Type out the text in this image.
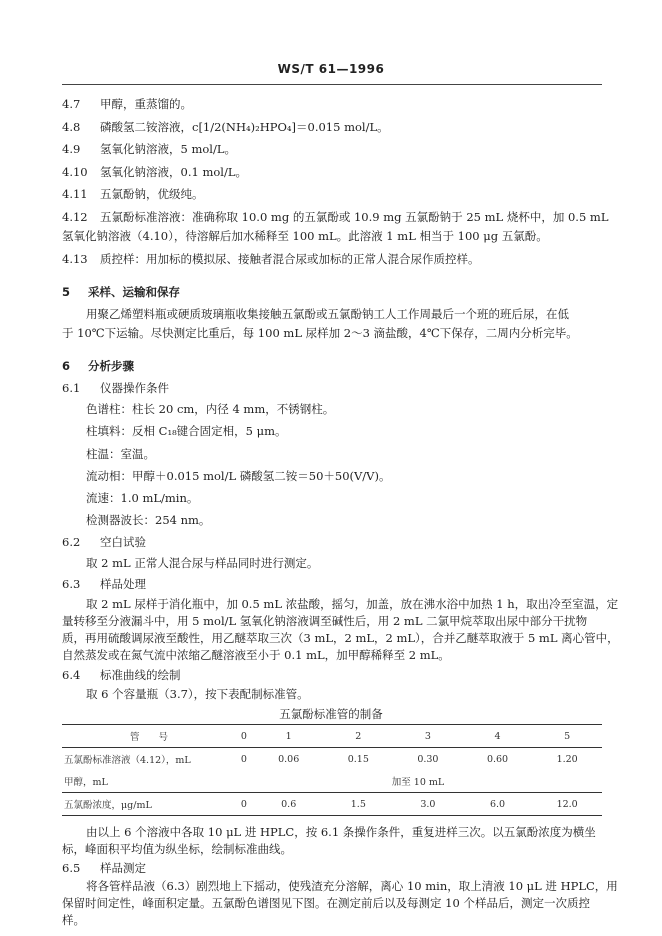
WS/T 61—1996
4.7 甲醇，重蒸馏的。
4.8 磷酸氢二铵溶液，c[1/2(NH₄)₂HPO₄]＝0.015 mol/L。
4.9 氢氧化钠溶液，5 mol/L。
4.10 氢氧化钠溶液，0.1 mol/L。
4.11 五氯酚钠，优级纯。
4.12 五氯酚标准溶液：准确称取 10.0 mg 的五氯酚或 10.9 mg 五氯酚钠于 25 mL 烧杯中，加 0.5 mL
氢氧化钠溶液（4.10），待溶解后加水稀释至 100 mL。此溶液 1 mL 相当于 100 μg 五氯酚。
4.13 质控样：用加标的模拟尿、接触者混合尿或加标的正常人混合尿作质控样。
5 采样、运输和保存
用聚乙烯塑料瓶或硬质玻璃瓶收集接触五氯酚或五氯酚钠工人工作周最后一个班的班后尿，在低
于 10℃下运输。尽快测定比重后，每 100 mL 尿样加 2～3 滴盐酸，4℃下保存，二周内分析完毕。
6 分析步骤
6.1 仪器操作条件
色谱柱：柱长 20 cm，内径 4 mm，不锈钢柱。
柱填料：反相 C₁₈键合固定相，5 μm。
柱温：室温。
流动相：甲醇＋0.015 mol/L 磷酸氢二铵＝50＋50(V/V)。
流速：1.0 mL/min。
检测器波长：254 nm。
6.2 空白试验
取 2 mL 正常人混合尿与样品同时进行测定。
6.3 样品处理
取 2 mL 尿样于消化瓶中，加 0.5 mL 浓盐酸，摇匀，加盖，放在沸水浴中加热 1 h，取出冷至室温，定
量转移至分液漏斗中，用 5 mol/L 氢氧化钠溶液调至碱性后，用 2 mL 二氯甲烷萃取出尿中部分干扰物
质，再用硫酸调尿液至酸性，用乙醚萃取三次（3 mL，2 mL，2 mL），合并乙醚萃取液于 5 mL 离心管中，
自然蒸发或在氮气流中浓缩乙醚溶液至小于 0.1 mL，加甲醇稀释至 2 mL。
6.4 标准曲线的绘制
取 6 个容量瓶（3.7），按下表配制标准管。
五氯酚标准管的制备
管　　号	0	1	2	3	4	5
五氯酚标准溶液（4.12），mL	0	0.06	0.15	0.30	0.60	1.20
甲醇，mL	加至 10 mL					
五氯酚浓度，μg/mL	0	0.6	1.5	3.0	6.0	12.0
由以上 6 个溶液中各取 10 μL 进 HPLC，按 6.1 条操作条件，重复进样三次。以五氯酚浓度为横坐
标，峰面积平均值为纵坐标，绘制标准曲线。
6.5 样品测定
将各管样品液（6.3）剧烈地上下摇动，使残渣充分溶解，离心 10 min，取上清液 10 μL 进 HPLC，用
保留时间定性，峰面积定量。五氯酚色谱图见下图。在测定前后以及每测定 10 个样品后，测定一次质控
样。
